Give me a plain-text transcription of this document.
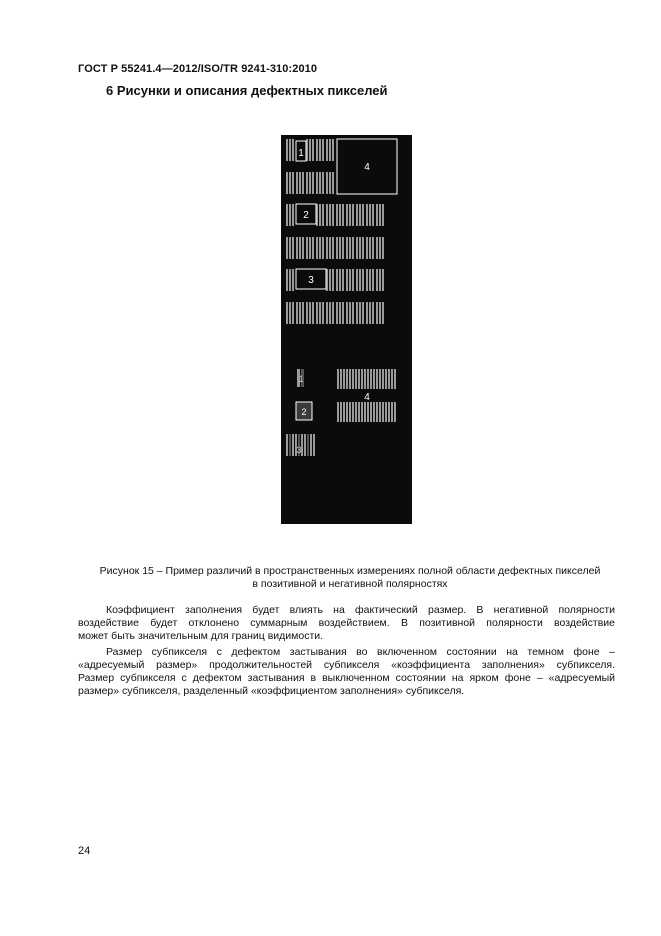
ГОСТ Р 55241.4—2012/ISO/TR 9241-310:2010
6 Рисунки и описания дефектных пикселей
1
2
3
4
1
2
3
4
Рисунок 15 – Пример различий в пространственных измерениях полной области дефектных пикселей
в позитивной и негативной полярностях
Коэффициент заполнения будет влиять на фактический размер. В негативной полярности
воздействие будет отклонено суммарным воздействием. В позитивной полярности воздействие
может быть значительным для границ видимости.
Размер субпикселя с дефектом застывания во включенном состоянии на темном фоне –
«адресуемый размер» продолжительностей субпикселя «коэффициента заполнения» субпикселя.
Размер субпикселя с дефектом застывания в выключенном состоянии на ярком фоне – «адресуемый
размер» субпикселя, разделенный «коэффициентом заполнения» субпикселя.
24
